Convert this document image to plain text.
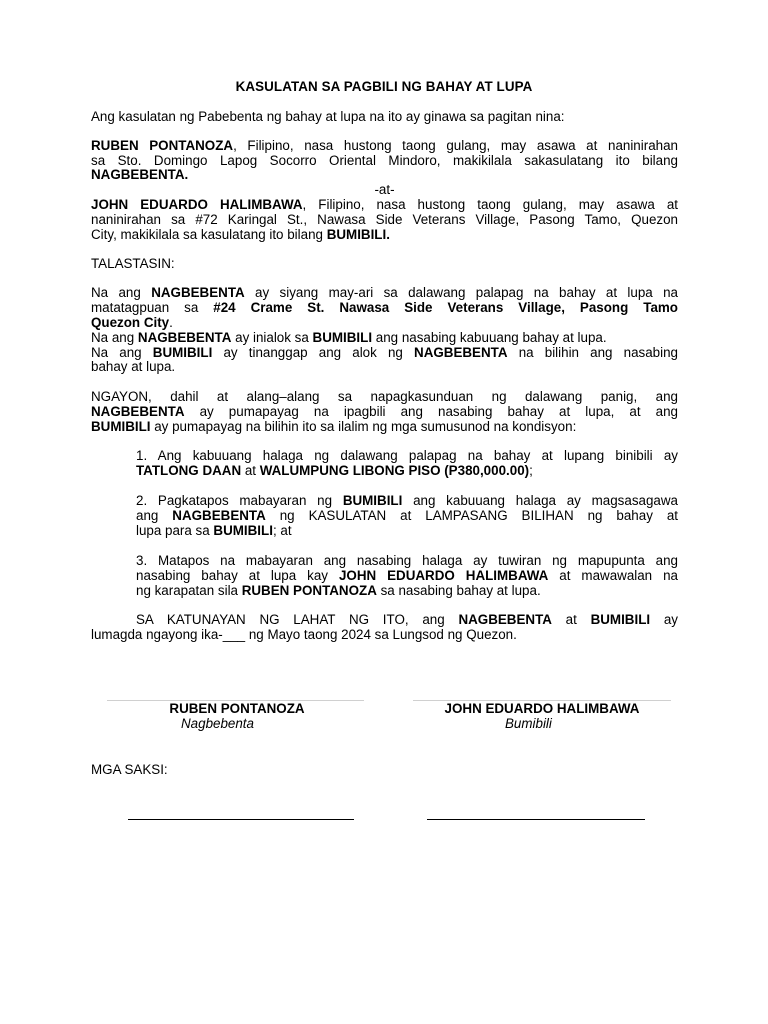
KASULATAN SA PAGBILI NG BAHAY AT LUPA
Ang kasulatan ng Pabebenta ng bahay at lupa na ito ay ginawa sa pagitan nina:
RUBEN PONTANOZA, Filipino, nasa hustong taong gulang, may asawa at naninirahan
sa Sto. Domingo Lapog Socorro Oriental Mindoro, makikilala sakasulatang ito bilang
NAGBEBENTA.
-at-
JOHN EDUARDO HALIMBAWA, Filipino, nasa hustong taong gulang, may asawa at
naninirahan sa #72 Karingal St., Nawasa Side Veterans Village, Pasong Tamo, Quezon
City, makikilala sa kasulatang ito bilang BUMIBILI.
TALASTASIN:
Na ang NAGBEBENTA ay siyang may-ari sa dalawang palapag na bahay at lupa na
matatagpuan sa #24 Crame St. Nawasa Side Veterans Village, Pasong Tamo
Quezon City.
Na ang NAGBEBENTA ay inialok sa BUMIBILI ang nasabing kabuuang bahay at lupa.
Na ang BUMIBILI ay tinanggap ang alok ng NAGBEBENTA na bilihin ang nasabing
bahay at lupa.
NGAYON, dahil at alang–alang sa napagkasunduan ng dalawang panig, ang
NAGBEBENTA ay pumapayag na ipagbili ang nasabing bahay at lupa, at ang
BUMIBILI ay pumapayag na bilihin ito sa ilalim ng mga sumusunod na kondisyon:
1. Ang kabuuang halaga ng dalawang palapag na bahay at lupang binibili ay
TATLONG DAAN at WALUMPUNG LIBONG PISO (P380,000.00);
2. Pagkatapos mabayaran ng BUMIBILI ang kabuuang halaga ay magsasagawa
ang NAGBEBENTA ng KASULATAN at LAMPASANG BILIHAN ng bahay at
lupa para sa BUMIBILI; at
3. Matapos na mabayaran ang nasabing halaga ay tuwiran ng mapupunta ang
nasabing bahay at lupa kay JOHN EDUARDO HALIMBAWA at mawawalan na
ng karapatan sila RUBEN PONTANOZA sa nasabing bahay at lupa.
SA KATUNAYAN NG LAHAT NG ITO, ang NAGBEBENTA at BUMIBILI ay
lumagda ngayong ika-___ ng Mayo taong 2024 sa Lungsod ng Quezon.
RUBEN PONTANOZA	JOHN EDUARDO HALIMBAWA
Nagbebenta	Bumibili
MGA SAKSI:
